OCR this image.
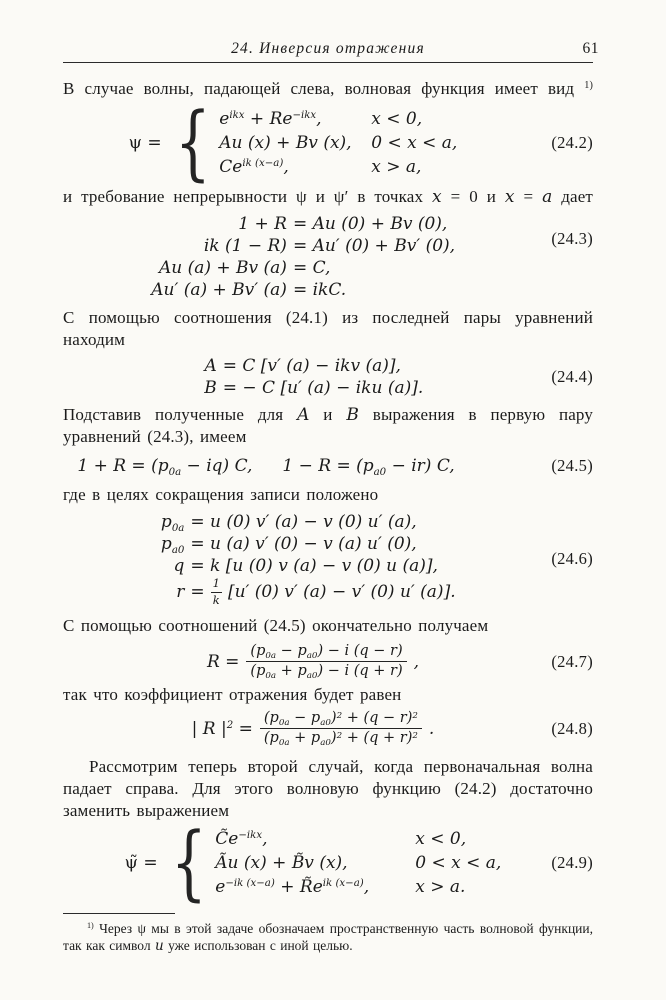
24. Инверсия отражения	61

В случае волны, падающей слева, волновая функция имеет вид $^{1)}$

ψ = { $e^{ikx} + Re^{-ikx}$,	x < 0,
Au (x) + Bv (x),	0 < x < a,
$Ce^{ik (x-a)}$,	x > a,
(24.2)

и требование непрерывности ψ и ψ′ в точках x = 0 и x = a дает

1 + R = Au (0) + Bv (0),
ik (1 − R) = Au′ (0) + Bv′ (0),
Au (a) + Bv (a) = C,
Au′ (a) + Bv′ (a) = ikC.
(24.3)

С помощью соотношения (24.1) из последней пары уравнений находим

A = C [v′ (a) − ikv (a)],
B = − C [u′ (a) − iku (a)].
(24.4)

Подставив полученные для A и B выражения в первую пару уравнений (24.3), имеем

$1 + R = (p_{0a} - iq)$ C, $1 - R = (p_{a0} - ir)$ C,	(24.5)

где в целях сокращения записи положено

$p_{0a} = u$ (0) v′ (a) − v (0) u′ (a),
$p_{a0} = u$ (a) v′ (0) − v (a) u′ (0),
q = k [u (0) v (a) − v (0) u (a)],
$r = \frac{1}{k} [u'$ (0) v′ (a) − v′ (0) u′ (a)].
(24.6)

С помощью соотношений (24.5) окончательно получаем

$R = \frac{(p_{0a} - p_{a0}) - i (q - r)}{(p_{0a} + p_{a0}) - i (q + r)}$ ,	(24.7)

так что коэффициент отражения будет равен

| R $|^2 = \frac{(p_{0a} - p_{a0})^2 + (q - r)^2}{(p_{0a} + p_{a0})^2 + (q + r)^2}$ .	(24.8)

Рассмотрим теперь второй случай, когда первоначальная волна падает справа. Для этого волновую функцию (24.2) достаточно заменить выражением

ψ̃ = { $C̃e^{-ikx}$,	x < 0,
Ãu (x) + B̃v (x),	0 < x < a,
$e^{-ik (x-a)}$ + $R̃e^{ik (x-a)}$,	x > a.
(24.9)

$^{1)}$ Через ψ мы в этой задаче обозначаем пространственную часть волновой функции, так как символ u уже использован с иной целью.
